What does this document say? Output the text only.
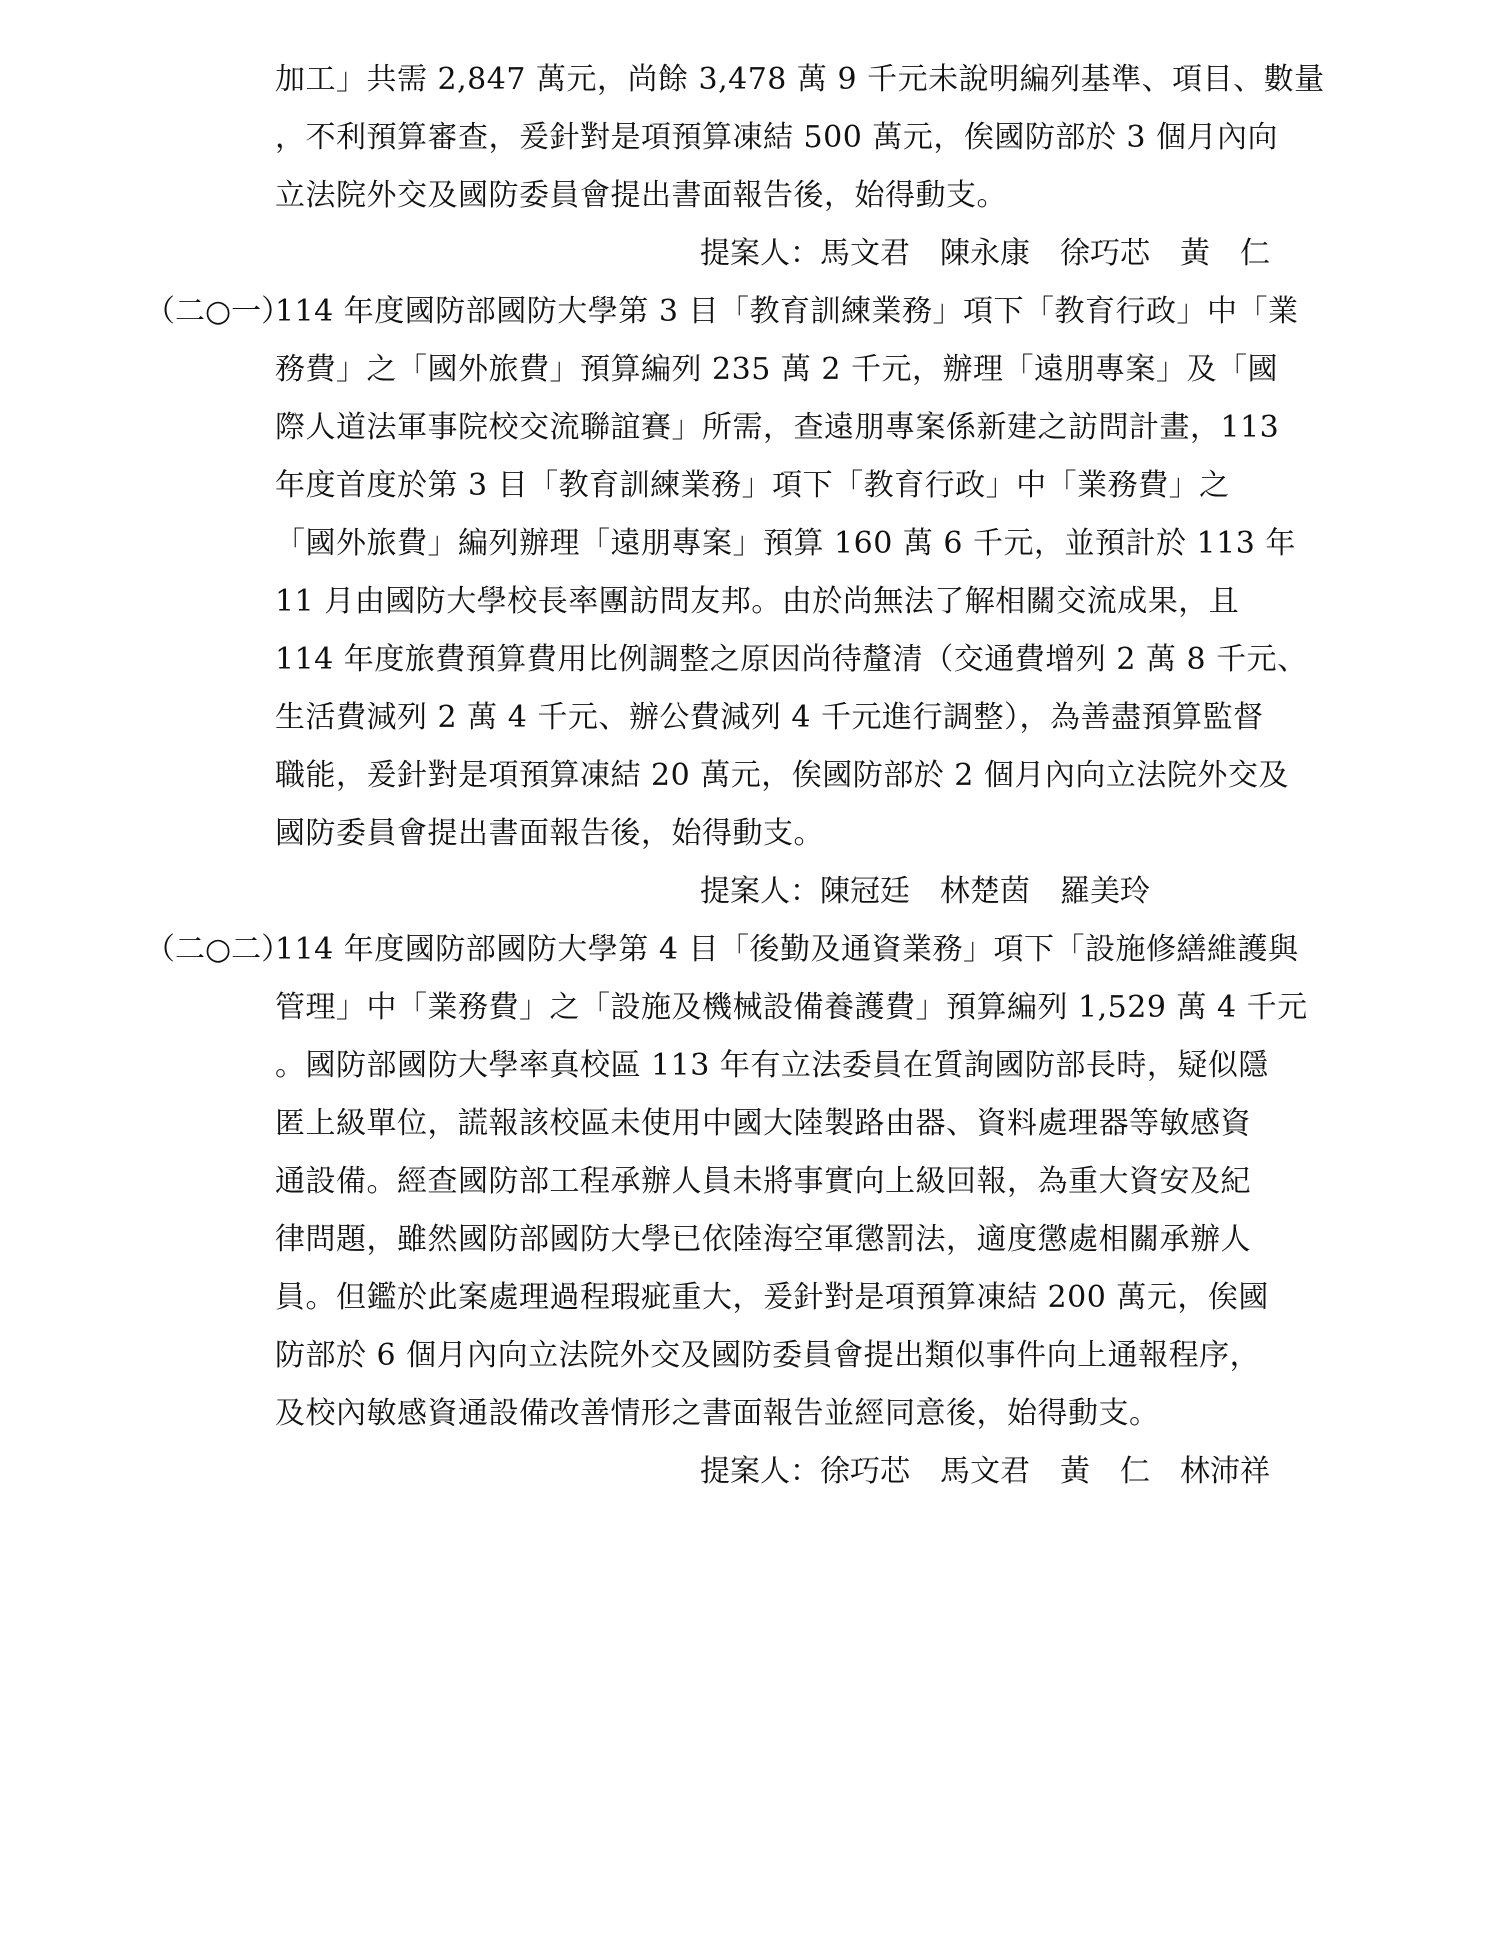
加工」共需 2,847 萬元，尚餘 3,478 萬 9 千元未說明編列基準、項目、數量
，不利預算審查，爰針對是項預算凍結 500 萬元，俟國防部於 3 個月內向
立法院外交及國防委員會提出書面報告後，始得動支。
提案人：馬文君　陳永康　徐巧芯　黃　仁
（二○一）
114 年度國防部國防大學第 3 目「教育訓練業務」項下「教育行政」中「業
務費」之「國外旅費」預算編列 235 萬 2 千元，辦理「遠朋專案」及「國
際人道法軍事院校交流聯誼賽」所需，查遠朋專案係新建之訪問計畫，113
年度首度於第 3 目「教育訓練業務」項下「教育行政」中「業務費」之
「國外旅費」編列辦理「遠朋專案」預算 160 萬 6 千元，並預計於 113 年
11 月由國防大學校長率團訪問友邦。由於尚無法了解相關交流成果，且
114 年度旅費預算費用比例調整之原因尚待釐清（交通費增列 2 萬 8 千元、
生活費減列 2 萬 4 千元、辦公費減列 4 千元進行調整），為善盡預算監督
職能，爰針對是項預算凍結 20 萬元，俟國防部於 2 個月內向立法院外交及
國防委員會提出書面報告後，始得動支。
提案人：陳冠廷　林楚茵　羅美玲
（二○二）
114 年度國防部國防大學第 4 目「後勤及通資業務」項下「設施修繕維護與
管理」中「業務費」之「設施及機械設備養護費」預算編列 1,529 萬 4 千元
。國防部國防大學率真校區 113 年有立法委員在質詢國防部長時，疑似隱
匿上級單位，謊報該校區未使用中國大陸製路由器、資料處理器等敏感資
通設備。經查國防部工程承辦人員未將事實向上級回報，為重大資安及紀
律問題，雖然國防部國防大學已依陸海空軍懲罰法，適度懲處相關承辦人
員。但鑑於此案處理過程瑕疵重大，爰針對是項預算凍結 200 萬元，俟國
防部於 6 個月內向立法院外交及國防委員會提出類似事件向上通報程序，
及校內敏感資通設備改善情形之書面報告並經同意後，始得動支。
提案人：徐巧芯　馬文君　黃　仁　林沛祥
